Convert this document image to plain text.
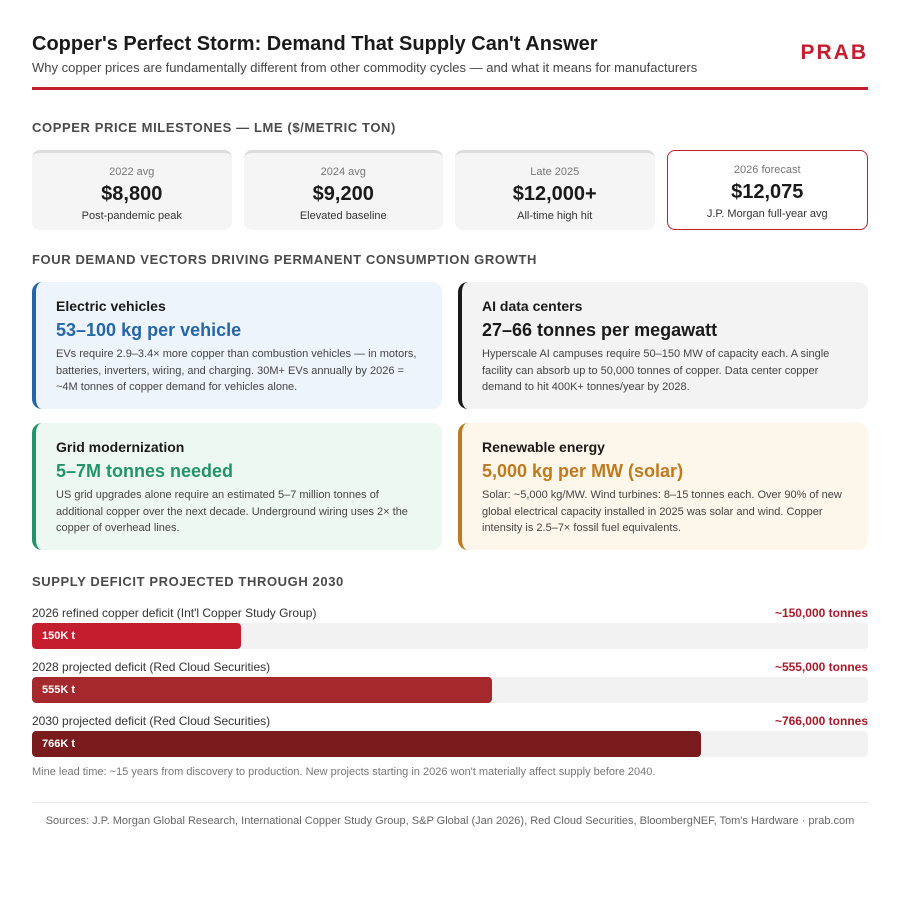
Copper's Perfect Storm: Demand That Supply Can't Answer
Why copper prices are fundamentally different from other commodity cycles — and what it means for manufacturers
PRAB
COPPER PRICE MILESTONES — LME ($/METRIC TON)
2022 avg
$8,800
Post-pandemic peak
2024 avg
$9,200
Elevated baseline
Late 2025
$12,000+
All-time high hit
2026 forecast
$12,075
J.P. Morgan full-year avg
FOUR DEMAND VECTORS DRIVING PERMANENT CONSUMPTION GROWTH
Electric vehicles
53–100 kg per vehicle
EVs require 2.9–3.4× more copper than combustion vehicles — in motors, batteries, inverters, wiring, and charging. 30M+ EVs annually by 2026 = ~4M tonnes of copper demand for vehicles alone.
AI data centers
27–66 tonnes per megawatt
Hyperscale AI campuses require 50–150 MW of capacity each. A single facility can absorb up to 50,000 tonnes of copper. Data center copper demand to hit 400K+ tonnes/year by 2028.
Grid modernization
5–7M tonnes needed
US grid upgrades alone require an estimated 5–7 million tonnes of additional copper over the next decade. Underground wiring uses 2× the copper of overhead lines.
Renewable energy
5,000 kg per MW (solar)
Solar: ~5,000 kg/MW. Wind turbines: 8–15 tonnes each. Over 90% of new global electrical capacity installed in 2025 was solar and wind. Copper intensity is 2.5–7× fossil fuel equivalents.
SUPPLY DEFICIT PROJECTED THROUGH 2030
2026 refined copper deficit (Int'l Copper Study Group)	~150,000 tonnes
150K t
2028 projected deficit (Red Cloud Securities)	~555,000 tonnes
555K t
2030 projected deficit (Red Cloud Securities)	~766,000 tonnes
766K t
Mine lead time: ~15 years from discovery to production. New projects starting in 2026 won't materially affect supply before 2040.
Sources: J.P. Morgan Global Research, International Copper Study Group, S&P Global (Jan 2026), Red Cloud Securities, BloombergNEF, Tom's Hardware · prab.com
